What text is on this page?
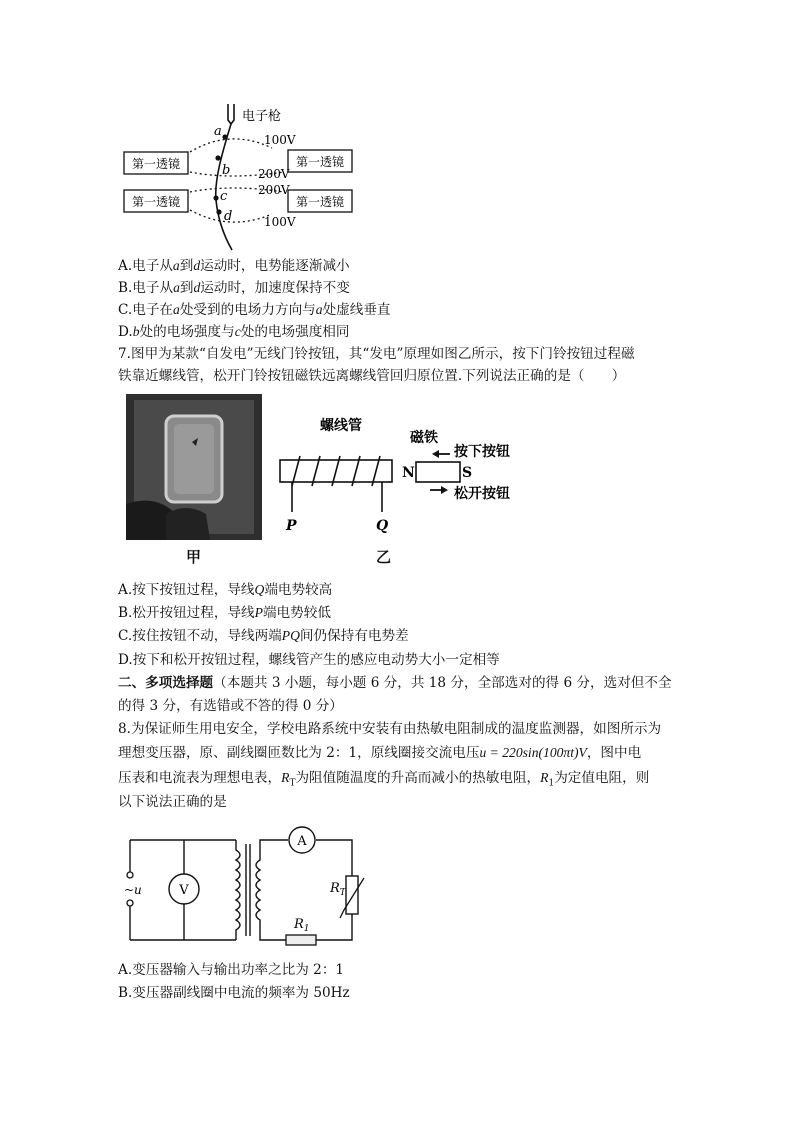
第一透镜	第一透镜
第一透镜	第一透镜
电子枪
100V
200V
200V
100V
a
b
c
d
A.电子从a到d运动时，电势能逐渐减小
B.电子从a到d运动时，加速度保持不变
C.电子在a处受到的电场力方向与a处虚线垂直
D.b处的电场强度与c处的电场强度相同
7.图甲为某款“自发电”无线门铃按钮，其“发电”原理如图乙所示，按下门铃按钮过程磁
铁靠近螺线管，松开门铃按钮磁铁远离螺线管回归原位置.下列说法正确的是（　　）
甲
螺线管
磁铁
按下按钮
松开按钮
P	Q
N	S
乙
A.按下按钮过程，导线Q端电势较高
B.松开按钮过程，导线P端电势较低
C.按住按钮不动，导线两端PQ间仍保持有电势差
D.按下和松开按钮过程，螺线管产生的感应电动势大小一定相等
二、多项选择题（本题共 3 小题，每小题 6 分，共 18 分，全部选对的得 6 分，选对但不全
的得 3 分，有选错或不答的得 0 分）
8.为保证师生用电安全，学校电路系统中安装有由热敏电阻制成的温度监测器，如图所示为
理想变压器，原、副线圈匝数比为 2：1，原线圈接交流电压u = 220sin(100πt)V，图中电
压表和电流表为理想电表，$R_T$为阻值随温度的升高而减小的热敏电阻，$R_1$为定值电阻，则
以下说法正确的是
~u	V
A
$R_T$
$R_1$
A.变压器输入与输出功率之比为 2：1
B.变压器副线圈中电流的频率为 50Hz
